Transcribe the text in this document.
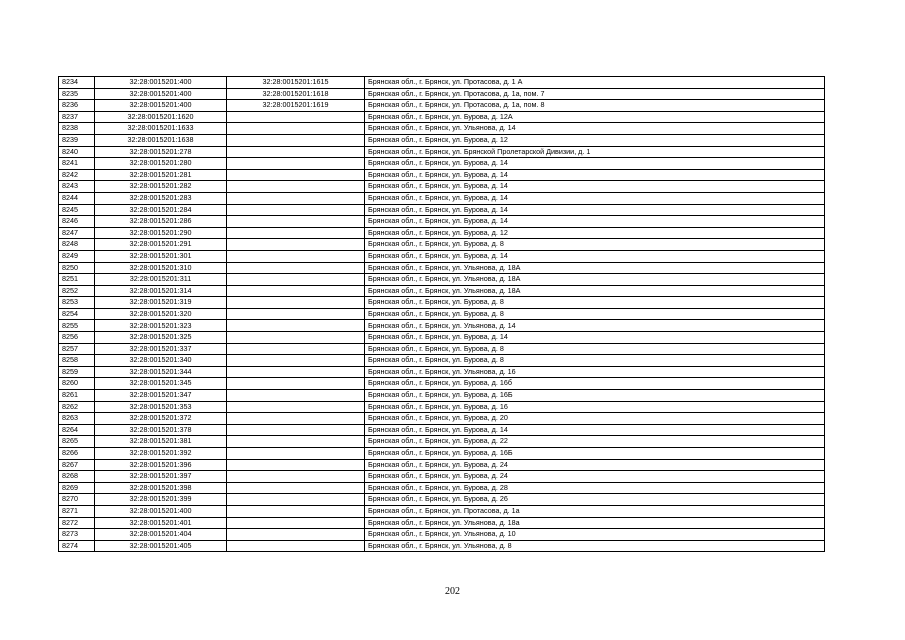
8234	32:28:0015201:400	32:28:0015201:1615	Брянская обл., г. Брянск, ул. Протасова, д. 1 А
8235	32:28:0015201:400	32:28:0015201:1618	Брянская обл., г. Брянск, ул. Протасова, д. 1а, пом. 7
8236	32:28:0015201:400	32:28:0015201:1619	Брянская обл., г. Брянск, ул. Протасова, д. 1а, пом. 8
8237	32:28:0015201:1620		Брянская обл., г. Брянск, ул. Бурова, д. 12А
8238	32:28:0015201:1633		Брянская обл., г. Брянск, ул. Ульянова, д. 14
8239	32:28:0015201:1638		Брянская обл., г. Брянск, ул. Бурова, д. 12
8240	32:28:0015201:278		Брянская обл., г. Брянск, ул. Брянской Пролетарской Дивизии, д. 1
8241	32:28:0015201:280		Брянская обл., г. Брянск, ул. Бурова, д. 14
8242	32:28:0015201:281		Брянская обл., г. Брянск, ул. Бурова, д. 14
8243	32:28:0015201:282		Брянская обл., г. Брянск, ул. Бурова, д. 14
8244	32:28:0015201:283		Брянская обл., г. Брянск, ул. Бурова, д. 14
8245	32:28:0015201:284		Брянская обл., г. Брянск, ул. Бурова, д. 14
8246	32:28:0015201:286		Брянская обл., г. Брянск, ул. Бурова, д. 14
8247	32:28:0015201:290		Брянская обл., г. Брянск, ул. Бурова, д. 12
8248	32:28:0015201:291		Брянская обл., г. Брянск, ул. Бурова, д. 8
8249	32:28:0015201:301		Брянская обл., г. Брянск, ул. Бурова, д. 14
8250	32:28:0015201:310		Брянская обл., г. Брянск, ул. Ульянова, д. 18А
8251	32:28:0015201:311		Брянская обл., г. Брянск, ул. Ульянова, д. 18А
8252	32:28:0015201:314		Брянская обл., г. Брянск, ул. Ульянова, д. 18А
8253	32:28:0015201:319		Брянская обл., г. Брянск, ул. Бурова, д. 8
8254	32:28:0015201:320		Брянская обл., г. Брянск, ул. Бурова, д. 8
8255	32:28:0015201:323		Брянская обл., г. Брянск, ул. Ульянова, д. 14
8256	32:28:0015201:325		Брянская обл., г. Брянск, ул. Бурова, д. 14
8257	32:28:0015201:337		Брянская обл., г. Брянск, ул. Бурова, д. 8
8258	32:28:0015201:340		Брянская обл., г. Брянск, ул. Бурова, д. 8
8259	32:28:0015201:344		Брянская обл., г. Брянск, ул. Ульянова, д. 16
8260	32:28:0015201:345		Брянская обл., г. Брянск, ул. Бурова, д. 16б
8261	32:28:0015201:347		Брянская обл., г. Брянск, ул. Бурова, д. 16Б
8262	32:28:0015201:353		Брянская обл., г. Брянск, ул. Бурова, д. 16
8263	32:28:0015201:372		Брянская обл., г. Брянск, ул. Бурова, д. 20
8264	32:28:0015201:378		Брянская обл., г. Брянск, ул. Бурова, д. 14
8265	32:28:0015201:381		Брянская обл., г. Брянск, ул. Бурова, д. 22
8266	32:28:0015201:392		Брянская обл., г. Брянск, ул. Бурова, д. 16Б
8267	32:28:0015201:396		Брянская обл., г. Брянск, ул. Бурова, д. 24
8268	32:28:0015201:397		Брянская обл., г. Брянск, ул. Бурова, д. 24
8269	32:28:0015201:398		Брянская обл., г. Брянск, ул. Бурова, д. 28
8270	32:28:0015201:399		Брянская обл., г. Брянск, ул. Бурова, д. 26
8271	32:28:0015201:400		Брянская обл., г. Брянск, ул. Протасова, д. 1а
8272	32:28:0015201:401		Брянская обл., г. Брянск, ул. Ульянова, д. 18а
8273	32:28:0015201:404		Брянская обл., г. Брянск, ул. Ульянова, д. 10
8274	32:28:0015201:405		Брянская обл., г. Брянск, ул. Ульянова, д. 8
202
